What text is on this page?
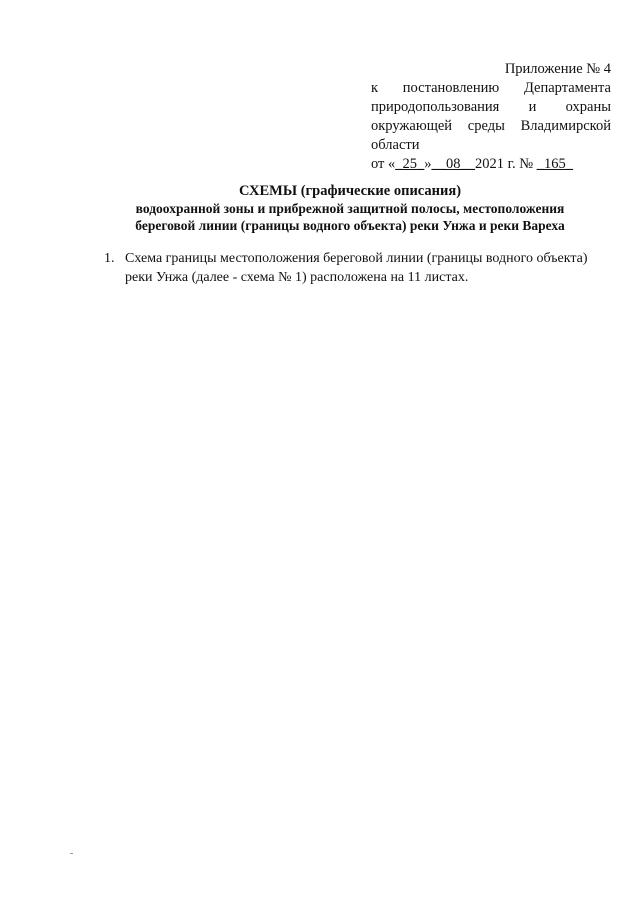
Приложение № 4
к постановлению Департамента
природопользования и охраны
окружающей среды Владимирской
области
от «_25_»__08__2021 г. № _165_
СХЕМЫ (графические описания)
водоохранной зоны и прибрежной защитной полосы, местоположения
береговой линии (границы водного объекта) реки Унжа и реки Вареха
1. Схема границы местоположения береговой линии (границы водного объекта)
реки Унжа (далее - схема № 1) расположена на 11 листах.
